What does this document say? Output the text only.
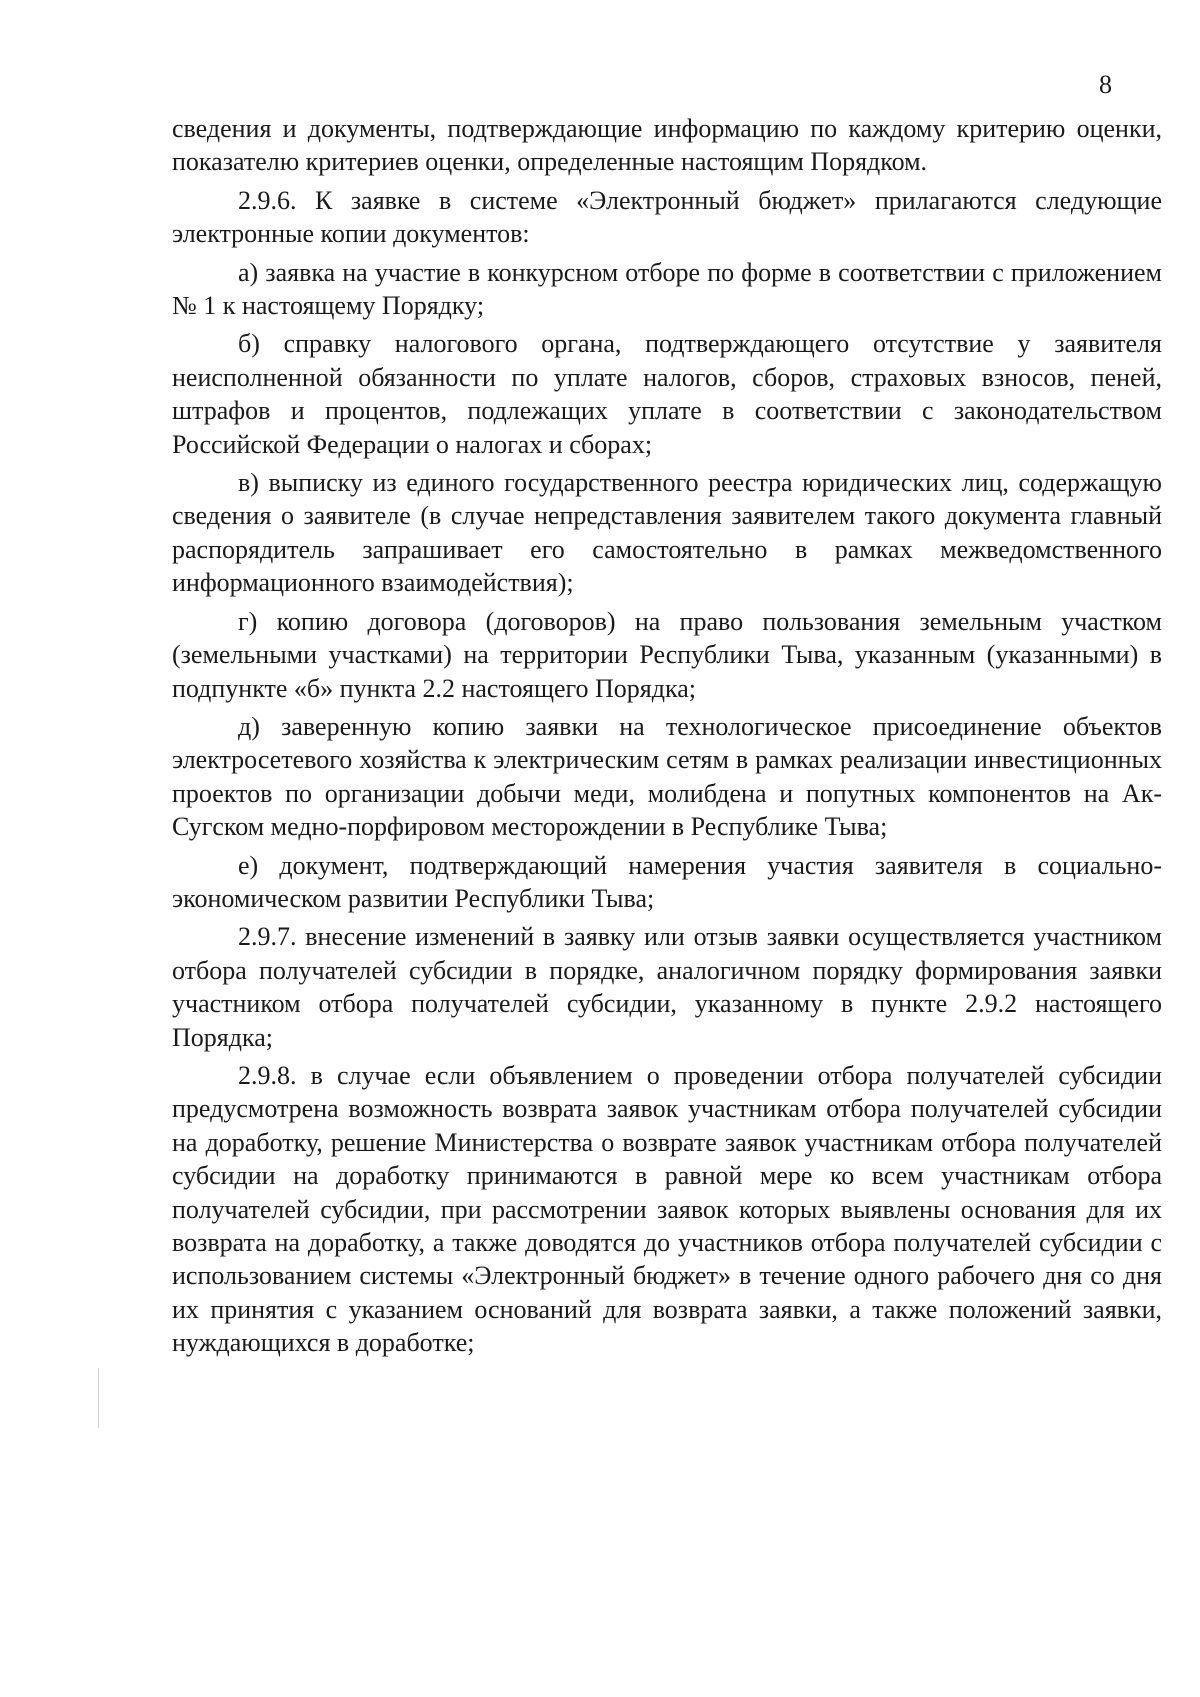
8

сведения и документы, подтверждающие информацию по каждому критерию оценки, показателю критериев оценки, определенные настоящим Порядком.

2.9.6. К заявке в системе «Электронный бюджет» прилагаются следующие электронные копии документов:

а) заявка на участие в конкурсном отборе по форме в соответствии с приложением № 1 к настоящему Порядку;

б) справку налогового органа, подтверждающего отсутствие у заявителя неисполненной обязанности по уплате налогов, сборов, страховых взносов, пеней, штрафов и процентов, подлежащих уплате в соответствии с законодательством Российской Федерации о налогах и сборах;

в) выписку из единого государственного реестра юридических лиц, содержащую сведения о заявителе (в случае непредставления заявителем такого документа главный распорядитель запрашивает его самостоятельно в рамках межведомственного информационного взаимодействия);

г) копию договора (договоров) на право пользования земельным участком (земельными участками) на территории Республики Тыва, указанным (указанными) в подпункте «б» пункта 2.2 настоящего Порядка;

д) заверенную копию заявки на технологическое присоединение объектов электросетевого хозяйства к электрическим сетям в рамках реализации инвестиционных проектов по организации добычи меди, молибдена и попутных компонентов на Ак-Сугском медно-порфировом месторождении в Республике Тыва;

е) документ, подтверждающий намерения участия заявителя в социально-экономическом развитии Республики Тыва;

2.9.7. внесение изменений в заявку или отзыв заявки осуществляется участником отбора получателей субсидии в порядке, аналогичном порядку формирования заявки участником отбора получателей субсидии, указанному в пункте 2.9.2 настоящего Порядка;

2.9.8. в случае если объявлением о проведении отбора получателей субсидии предусмотрена возможность возврата заявок участникам отбора получателей субсидии на доработку, решение Министерства о возврате заявок участникам отбора получателей субсидии на доработку принимаются в равной мере ко всем участникам отбора получателей субсидии, при рассмотрении заявок которых выявлены основания для их возврата на доработку, а также доводятся до участников отбора получателей субсидии с использованием системы «Электронный бюджет» в течение одного рабочего дня со дня их принятия с указанием оснований для возврата заявки, а также положений заявки, нуждающихся в доработке;
